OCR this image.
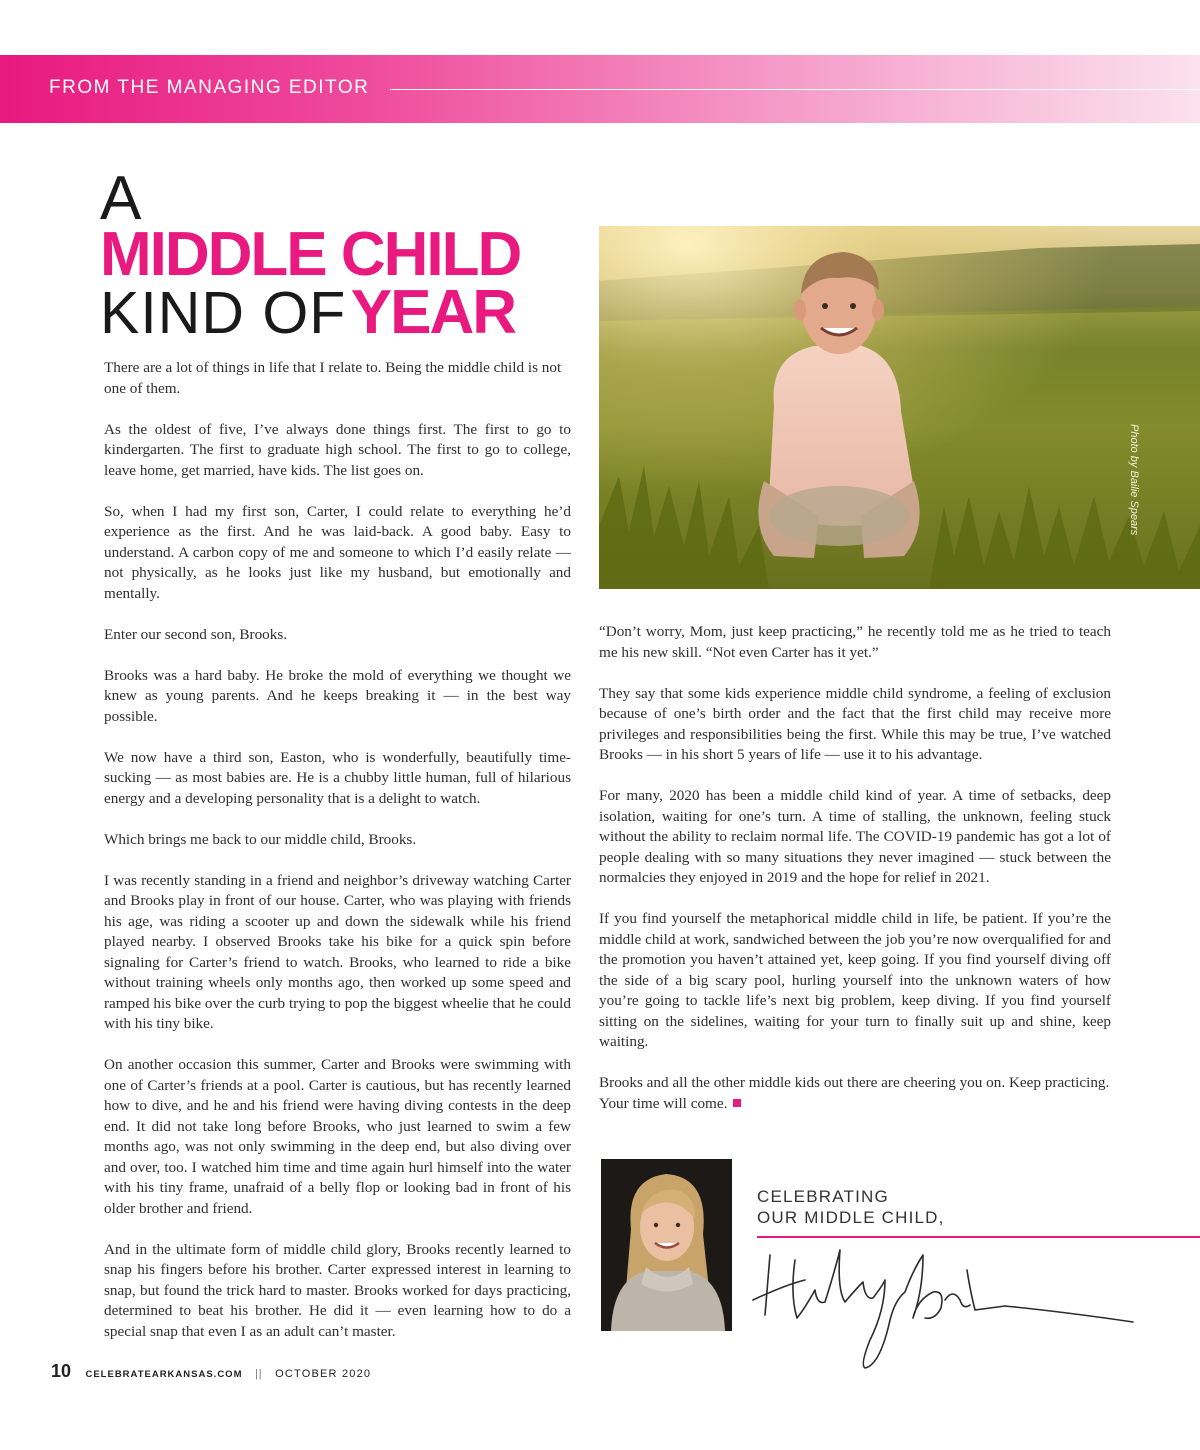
FROM THE MANAGING EDITOR
A
MIDDLE CHILD
KIND OF YEAR
Photo by Bailie Spears

There are a lot of things in life that I relate to. Being the middle child is not one of them.

As the oldest of five, I’ve always done things first. The first to go to kindergarten. The first to graduate high school. The first to go to college, leave home, get married, have kids. The list goes on.

So, when I had my first son, Carter, I could relate to everything he’d experience as the first. And he was laid-back. A good baby. Easy to understand. A carbon copy of me and someone to which I’d easily relate — not physically, as he looks just like my husband, but emotionally and mentally.

Enter our second son, Brooks.

Brooks was a hard baby. He broke the mold of everything we thought we knew as young parents. And he keeps breaking it — in the best way possible.

We now have a third son, Easton, who is wonderfully, beautifully time-sucking — as most babies are. He is a chubby little human, full of hilarious energy and a developing personality that is a delight to watch.

Which brings me back to our middle child, Brooks.

I was recently standing in a friend and neighbor’s driveway watching Carter and Brooks play in front of our house. Carter, who was playing with friends his age, was riding a scooter up and down the sidewalk while his friend played nearby. I observed Brooks take his bike for a quick spin before signaling for Carter’s friend to watch. Brooks, who learned to ride a bike without training wheels only months ago, then worked up some speed and ramped his bike over the curb trying to pop the biggest wheelie that he could with his tiny bike.

On another occasion this summer, Carter and Brooks were swimming with one of Carter’s friends at a pool. Carter is cautious, but has recently learned how to dive, and he and his friend were having diving contests in the deep end. It did not take long before Brooks, who just learned to swim a few months ago, was not only swimming in the deep end, but also diving over and over, too. I watched him time and time again hurl himself into the water with his tiny frame, unafraid of a belly flop or looking bad in front of his older brother and friend.

And in the ultimate form of middle child glory, Brooks recently learned to snap his fingers before his brother. Carter expressed interest in learning to snap, but found the trick hard to master. Brooks worked for days practicing, determined to beat his brother. He did it — even learning how to do a special snap that even I as an adult can’t master.

“Don’t worry, Mom, just keep practicing,” he recently told me as he tried to teach me his new skill. “Not even Carter has it yet.”

They say that some kids experience middle child syndrome, a feeling of exclusion because of one’s birth order and the fact that the first child may receive more privileges and responsibilities being the first. While this may be true, I’ve watched Brooks — in his short 5 years of life — use it to his advantage.

For many, 2020 has been a middle child kind of year. A time of setbacks, deep isolation, waiting for one’s turn. A time of stalling, the unknown, feeling stuck without the ability to reclaim normal life. The COVID-19 pandemic has got a lot of people dealing with so many situations they never imagined — stuck between the normalcies they enjoyed in 2019 and the hope for relief in 2021.

If you find yourself the metaphorical middle child in life, be patient. If you’re the middle child at work, sandwiched between the job you’re now overqualified for and the promotion you haven’t attained yet, keep going. If you find yourself diving off the side of a big scary pool, hurling yourself into the unknown waters of how you’re going to tackle life’s next big problem, keep diving. If you find yourself sitting on the sidelines, waiting for your turn to finally suit up and shine, keep waiting.

Brooks and all the other middle kids out there are cheering you on. Keep practicing. Your time will come.

CELEBRATING
OUR MIDDLE CHILD,
10 CELEBRATEARKANSAS.COM || OCTOBER 2020
